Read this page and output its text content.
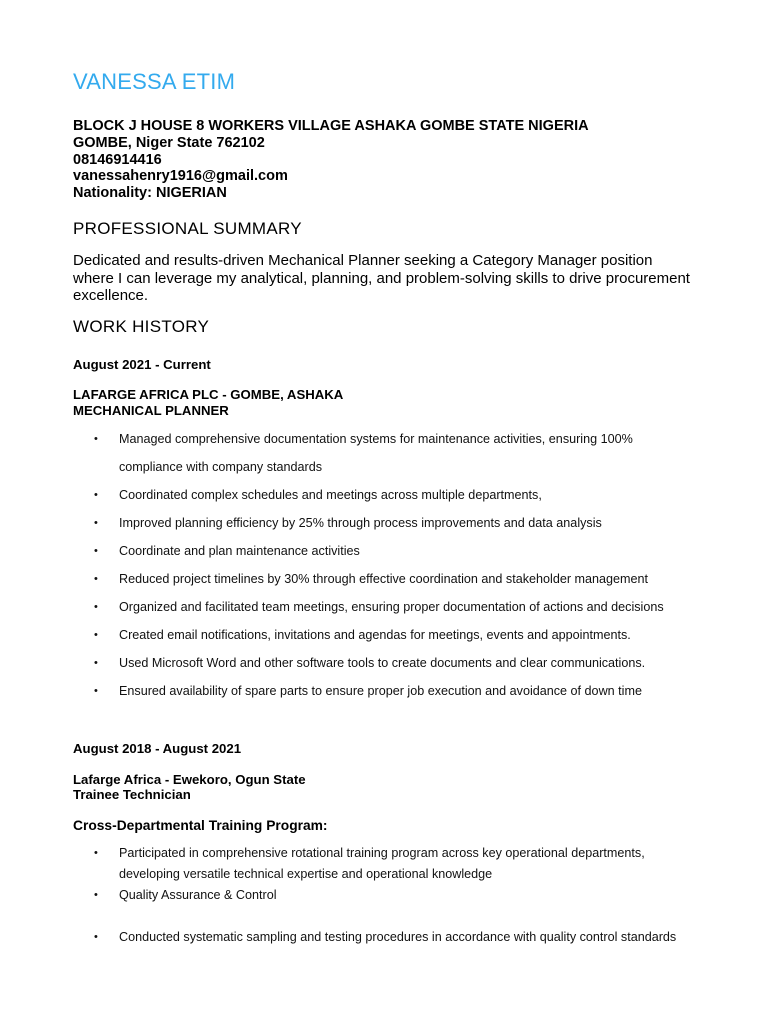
VANESSA ETIM
BLOCK J HOUSE 8 WORKERS VILLAGE ASHAKA GOMBE STATE NIGERIA
GOMBE, Niger State 762102
08146914416
vanessahenry1916@gmail.com
Nationality: NIGERIAN
PROFESSIONAL SUMMARY

Dedicated and results-driven Mechanical Planner seeking a Category Manager position where I can leverage my analytical, planning, and problem-solving skills to drive procurement excellence.

WORK HISTORY
August 2021 - Current
LAFARGE AFRICA PLC - GOMBE, ASHAKA
MECHANICAL PLANNER
• Managed comprehensive documentation systems for maintenance activities, ensuring 100% compliance with company standards
• Coordinated complex schedules and meetings across multiple departments,
• Improved planning efficiency by 25% through process improvements and data analysis
• Coordinate and plan maintenance activities
• Reduced project timelines by 30% through effective coordination and stakeholder management
• Organized and facilitated team meetings, ensuring proper documentation of actions and decisions
• Created email notifications, invitations and agendas for meetings, events and appointments.
• Used Microsoft Word and other software tools to create documents and clear communications.
• Ensured availability of spare parts to ensure proper job execution and avoidance of down time
August 2018 - August 2021
Lafarge Africa - Ewekoro, Ogun State
Trainee Technician
Cross-Departmental Training Program:
• Participated in comprehensive rotational training program across key operational departments, developing versatile technical expertise and operational knowledge
• Quality Assurance & Control
• Conducted systematic sampling and testing procedures in accordance with quality control standards
